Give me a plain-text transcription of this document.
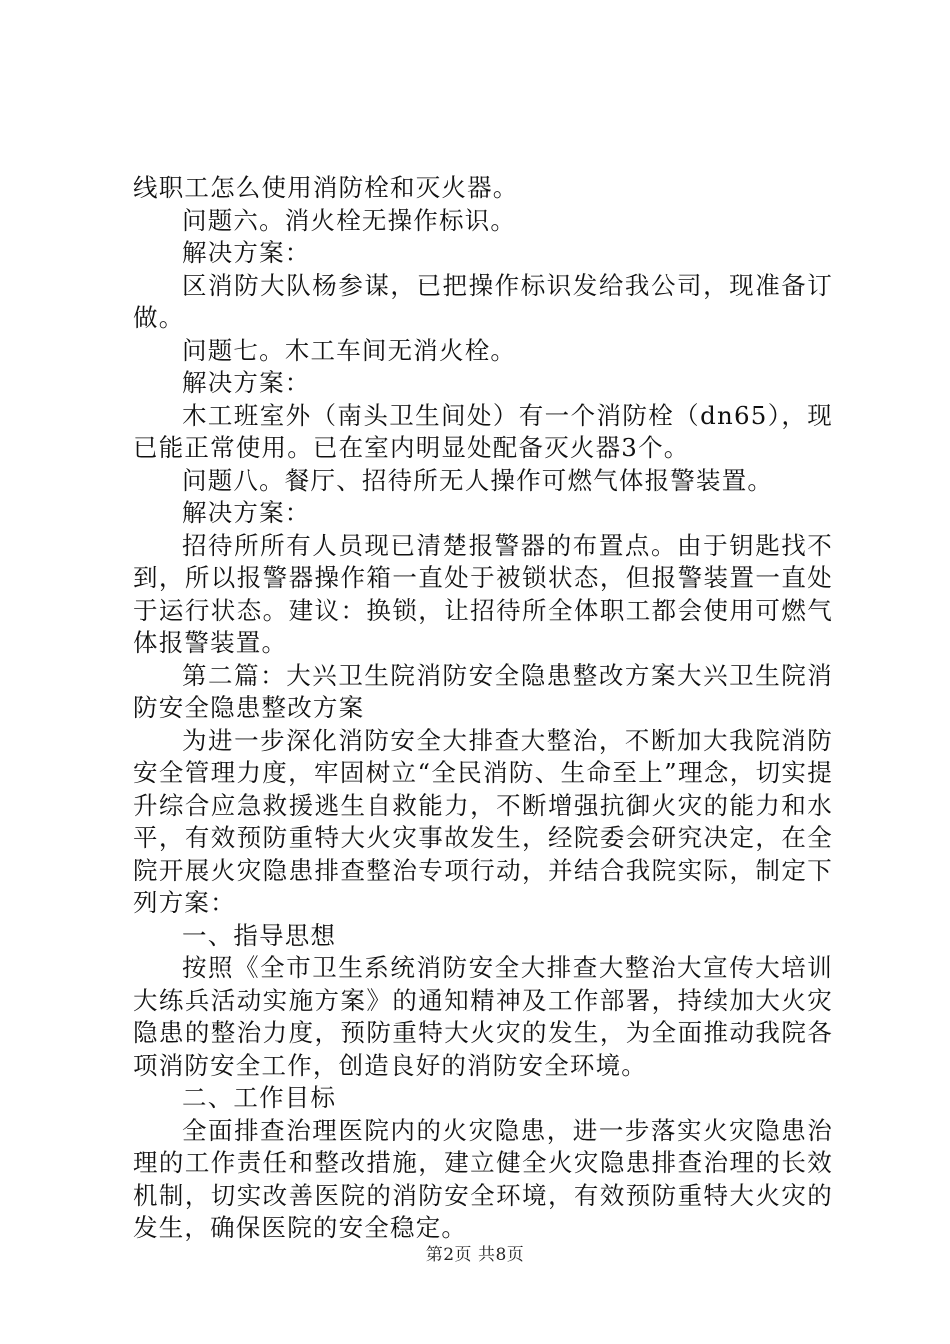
线职工怎么使用消防栓和灭火器。

问题六。消火栓无操作标识。

解决方案：

区消防大队杨参谋，已把操作标识发给我公司，现准备订做。

问题七。木工车间无消火栓。

解决方案：

木工班室外（南头卫生间处）有一个消防栓（dn65），现已能正常使用。已在室内明显处配备灭火器3个。

问题八。餐厅、招待所无人操作可燃气体报警装置。

解决方案：

招待所所有人员现已清楚报警器的布置点。由于钥匙找不到，所以报警器操作箱一直处于被锁状态，但报警装置一直处于运行状态。建议：换锁，让招待所全体职工都会使用可燃气体报警装置。

第二篇：大兴卫生院消防安全隐患整改方案大兴卫生院消防安全隐患整改方案

为进一步深化消防安全大排查大整治，不断加大我院消防安全管理力度，牢固树立“全民消防、生命至上”理念，切实提升综合应急救援逃生自救能力，不断增强抗御火灾的能力和水平，有效预防重特大火灾事故发生，经院委会研究决定，在全院开展火灾隐患排查整治专项行动，并结合我院实际，制定下列方案：

一、指导思想

按照《全市卫生系统消防安全大排查大整治大宣传大培训大练兵活动实施方案》的通知精神及工作部署，持续加大火灾隐患的整治力度，预防重特大火灾的发生，为全面推动我院各项消防安全工作，创造良好的消防安全环境。

二、工作目标

全面排查治理医院内的火灾隐患，进一步落实火灾隐患治理的工作责任和整改措施，建立健全火灾隐患排查治理的长效机制，切实改善医院的消防安全环境，有效预防重特大火灾的发生，确保医院的安全稳定。

第2页 共8页
